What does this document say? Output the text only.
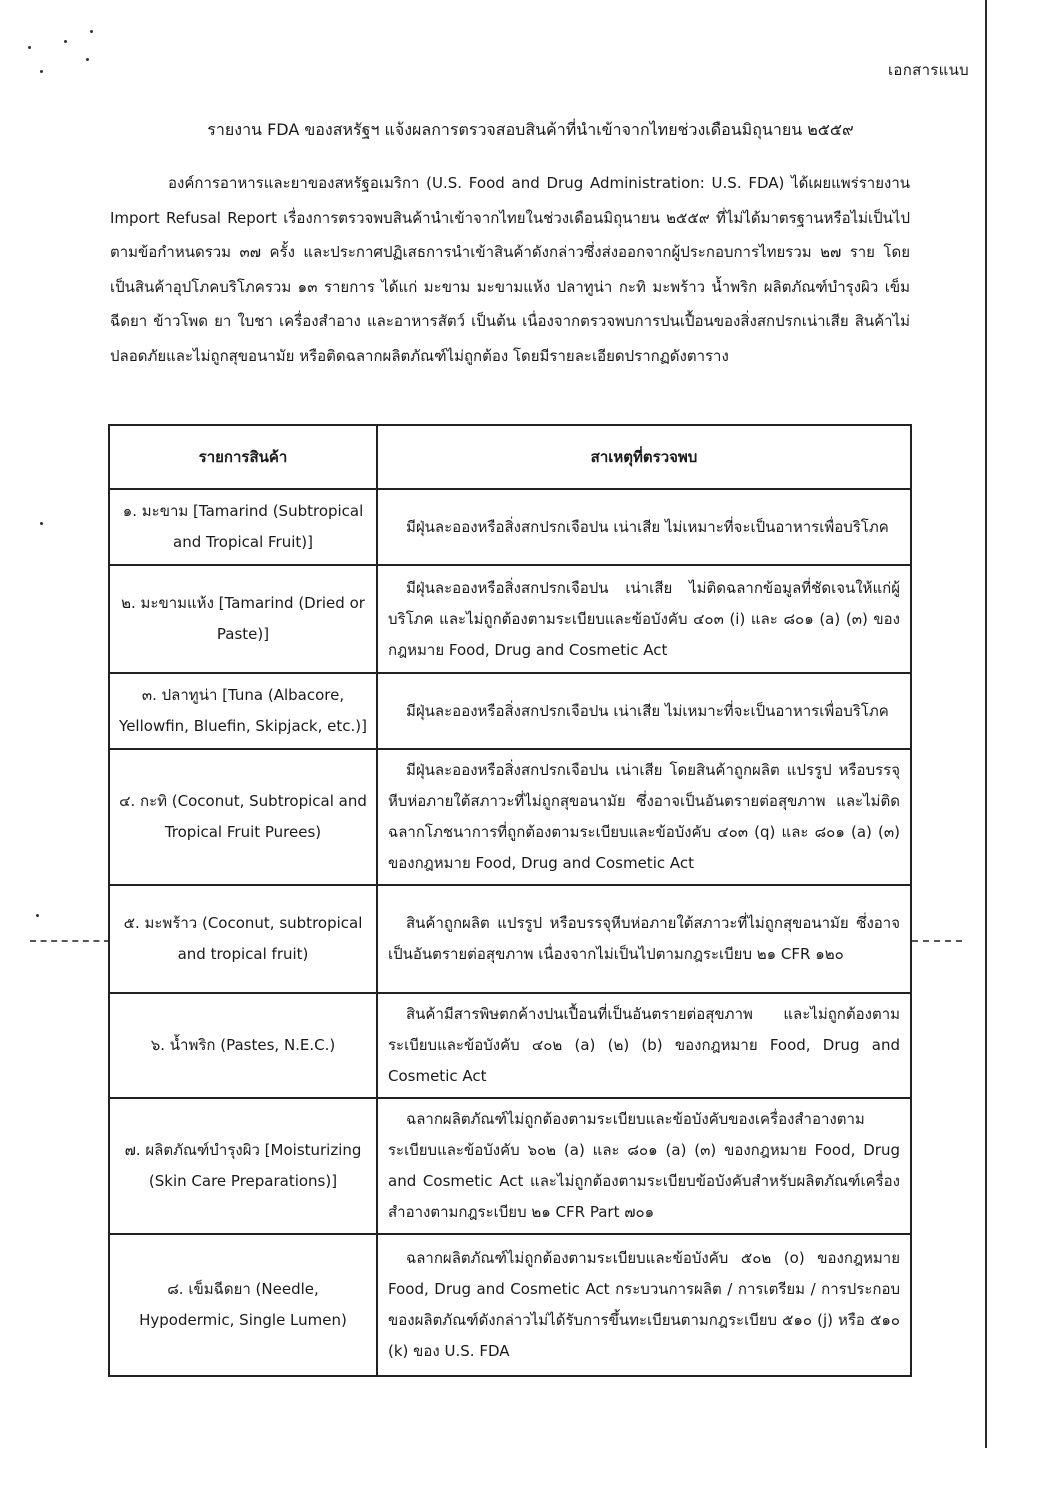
เอกสารแนบ
รายงาน FDA ของสหรัฐฯ แจ้งผลการตรวจสอบสินค้าที่นำเข้าจากไทยช่วงเดือนมิถุนายน ๒๕๕๙

องค์การอาหารและยาของสหรัฐอเมริกา (U.S. Food and Drug Administration: U.S. FDA) ได้เผยแพร่รายงาน Import Refusal Report เรื่องการตรวจพบสินค้านำเข้าจากไทยในช่วงเดือนมิถุนายน ๒๕๕๙ ที่ไม่ได้มาตรฐานหรือไม่เป็นไปตามข้อกำหนดรวม ๓๗ ครั้ง และประกาศปฏิเสธการนำเข้าสินค้าดังกล่าวซึ่งส่งออกจากผู้ประกอบการไทยรวม ๒๗ ราย โดยเป็นสินค้าอุปโภคบริโภครวม ๑๓ รายการ ได้แก่ มะขาม มะขามแห้ง ปลาทูน่า กะทิ มะพร้าว น้ำพริก ผลิตภัณฑ์บำรุงผิว เข็มฉีดยา ข้าวโพด ยา ใบชา เครื่องสำอาง และอาหารสัตว์ เป็นต้น เนื่องจากตรวจพบการปนเปื้อนของสิ่งสกปรกเน่าเสีย สินค้าไม่ปลอดภัยและไม่ถูกสุขอนามัย หรือติดฉลากผลิตภัณฑ์ไม่ถูกต้อง โดยมีรายละเอียดปรากฏดังตาราง

รายการสินค้า	สาเหตุที่ตรวจพบ
๑. มะขาม [Tamarind (Subtropical and Tropical Fruit)]	มีฝุ่นละอองหรือสิ่งสกปรกเจือปน เน่าเสีย ไม่เหมาะที่จะเป็นอาหารเพื่อบริโภค
๒. มะขามแห้ง [Tamarind (Dried or Paste)]	มีฝุ่นละอองหรือสิ่งสกปรกเจือปน เน่าเสีย ไม่ติดฉลากข้อมูลที่ชัดเจนให้แก่ผู้บริโภค และไม่ถูกต้องตามระเบียบและข้อบังคับ ๔๐๓ (i) และ ๘๐๑ (a) (๓) ของกฎหมาย Food, Drug and Cosmetic Act
๓. ปลาทูน่า [Tuna (Albacore, Yellowfin, Bluefin, Skipjack, etc.)]	มีฝุ่นละอองหรือสิ่งสกปรกเจือปน เน่าเสีย ไม่เหมาะที่จะเป็นอาหารเพื่อบริโภค
๔. กะทิ (Coconut, Subtropical and Tropical Fruit Purees)	มีฝุ่นละอองหรือสิ่งสกปรกเจือปน เน่าเสีย โดยสินค้าถูกผลิต แปรรูป หรือบรรจุหีบห่อภายใต้สภาวะที่ไม่ถูกสุขอนามัย ซึ่งอาจเป็นอันตรายต่อสุขภาพ และไม่ติดฉลากโภชนาการที่ถูกต้องตามระเบียบและข้อบังคับ ๔๐๓ (q) และ ๘๐๑ (a) (๓) ของกฎหมาย Food, Drug and Cosmetic Act
๕. มะพร้าว (Coconut, subtropical and tropical fruit)	สินค้าถูกผลิต แปรรูป หรือบรรจุหีบห่อภายใต้สภาวะที่ไม่ถูกสุขอนามัย ซึ่งอาจเป็นอันตรายต่อสุขภาพ เนื่องจากไม่เป็นไปตามกฎระเบียบ ๒๑ CFR ๑๒๐
๖. น้ำพริก (Pastes, N.E.C.)	สินค้ามีสารพิษตกค้างปนเปื้อนที่เป็นอันตรายต่อสุขภาพ และไม่ถูกต้องตามระเบียบและข้อบังคับ ๔๐๒ (a) (๒) (b) ของกฎหมาย Food, Drug and Cosmetic Act
๗. ผลิตภัณฑ์บำรุงผิว [Moisturizing (Skin Care Preparations)]	ฉลากผลิตภัณฑ์ไม่ถูกต้องตามระเบียบและข้อบังคับของเครื่องสำอางตามระเบียบและข้อบังคับ ๖๐๒ (a) และ ๘๐๑ (a) (๓) ของกฎหมาย Food, Drug and Cosmetic Act และไม่ถูกต้องตามระเบียบข้อบังคับสำหรับผลิตภัณฑ์เครื่องสำอางตามกฎระเบียบ ๒๑ CFR Part ๗๐๑
๘. เข็มฉีดยา (Needle, Hypodermic, Single Lumen)	ฉลากผลิตภัณฑ์ไม่ถูกต้องตามระเบียบและข้อบังคับ ๕๐๒ (o) ของกฎหมาย Food, Drug and Cosmetic Act กระบวนการผลิต / การเตรียม / การประกอบของผลิตภัณฑ์ดังกล่าวไม่ได้รับการขึ้นทะเบียนตามกฎระเบียบ ๕๑๐ (j) หรือ ๕๑๐ (k) ของ U.S. FDA
